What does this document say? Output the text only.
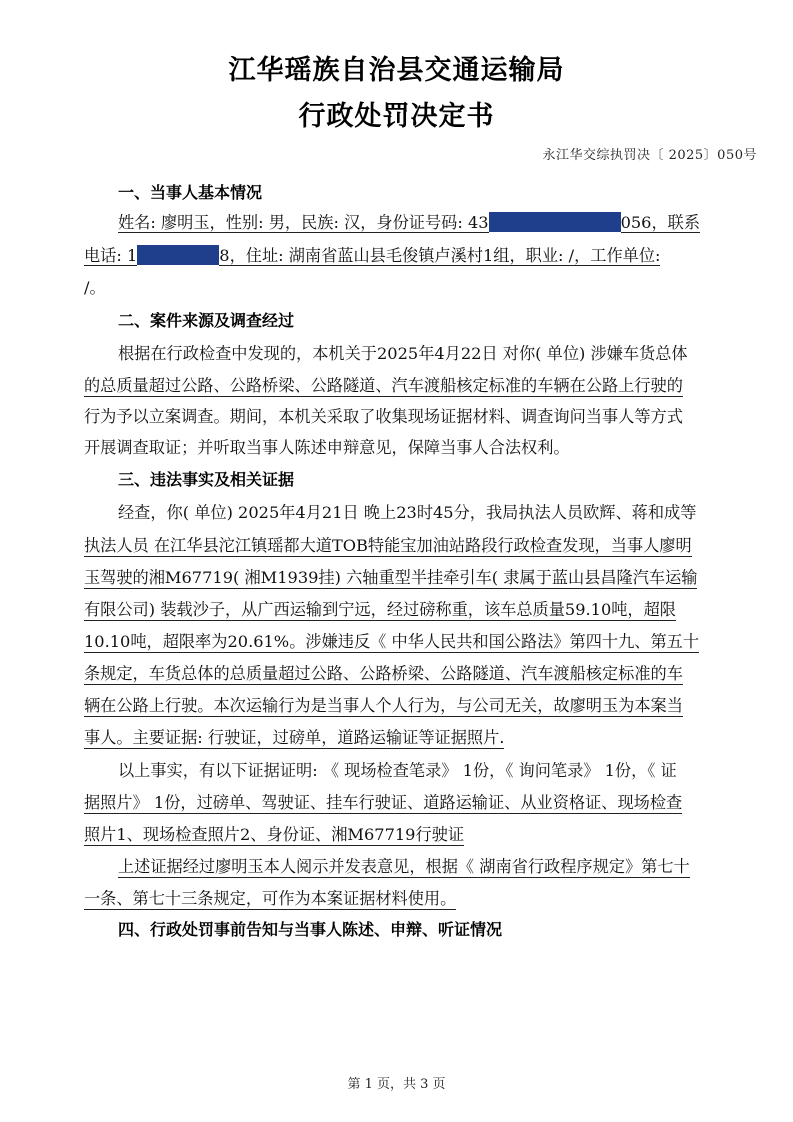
江华瑶族自治县交通运输局
行政处罚决定书
永江华交综执罚决〔 2025〕050号
一、当事人基本情况
姓名: 廖明玉，性别: 男，民族: 汉，身份证号码: 43	056，联系
电话: 1	8，住址: 湖南省蓝山县毛俊镇卢溪村1组，职业: /，工作单位:
/。
二、案件来源及调查经过
根据在行政检查中发现的，本机关于2025年4月22日 对你( 单位) 涉嫌车货总体
的总质量超过公路、公路桥梁、公路隧道、汽车渡船核定标准的车辆在公路上行驶的
行为予以立案调查。期间，本机关采取了收集现场证据材料、调查询问当事人等方式
开展调查取证；并听取当事人陈述申辩意见，保障当事人合法权利。
三、违法事实及相关证据
经查，你( 单位) 2025年4月21日 晚上23时45分，我局执法人员欧辉、蒋和成等
执法人员 在江华县沱江镇瑶都大道TOB特能宝加油站路段行政检查发现，当事人廖明
玉驾驶的湘M67719( 湘M1939挂) 六轴重型半挂牵引车( 隶属于蓝山县昌隆汽车运输
有限公司) 装载沙子，从广西运输到宁远，经过磅称重，该车总质量59.10吨，超限
10.10吨，超限率为20.61%。涉嫌违反《 中华人民共和国公路法》第四十九、第五十
条规定，车货总体的总质量超过公路、公路桥梁、公路隧道、汽车渡船核定标准的车
辆在公路上行驶。本次运输行为是当事人个人行为，与公司无关，故廖明玉为本案当
事人。主要证据: 行驶证，过磅单，道路运输证等证据照片.
以上事实，有以下证据证明: 《 现场检查笔录》 1份，《 询问笔录》 1份，《 证
据照片》 1份，过磅单、驾驶证、挂车行驶证、道路运输证、从业资格证、现场检查
照片1、现场检查照片2、身份证、湘M67719行驶证
上述证据经过廖明玉本人阅示并发表意见，根据《 湖南省行政程序规定》第七十
一条、第七十三条规定，可作为本案证据材料使用。
四、行政处罚事前告知与当事人陈述、申辩、听证情况
第 1 页，共 3 页
